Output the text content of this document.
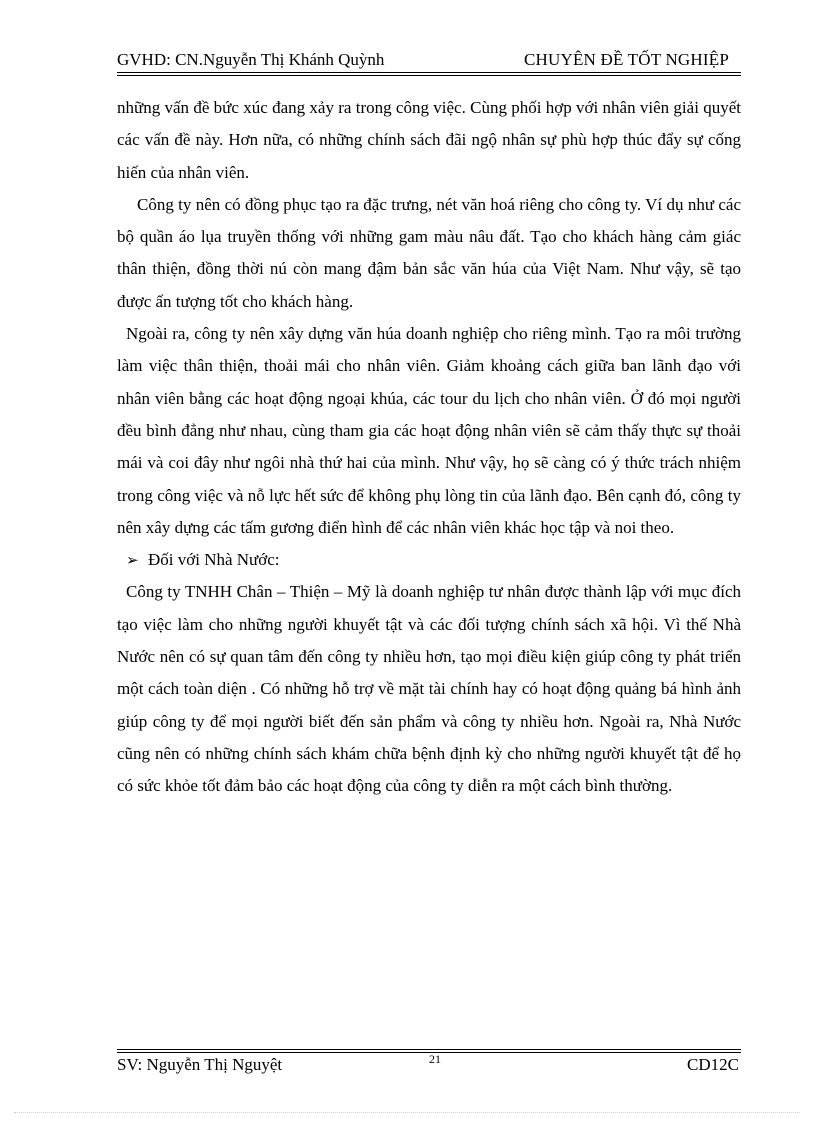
GVHD: CN.Nguyễn Thị Khánh Quỳnh	CHUYÊN ĐỀ TỐT NGHIỆP

những vấn đề bức xúc đang xảy ra trong công việc. Cùng phối hợp với nhân viên giải quyết các vấn đề này. Hơn nữa, có những chính sách đãi ngộ nhân sự phù hợp thúc đẩy sự cống hiến của nhân viên.

Công ty nên có đồng phục tạo ra đặc trưng, nét văn hoá riêng cho công ty. Ví dụ như các bộ quần áo lụa truyền thống với những gam màu nâu đất. Tạo cho khách hàng cảm giác thân thiện, đồng thời nú còn mang đậm bản sắc văn húa của Việt Nam. Như vậy, sẽ tạo được ấn tượng tốt cho khách hàng.

Ngoài ra, công ty nên xây dựng văn húa doanh nghiệp cho riêng mình. Tạo ra môi trường làm việc thân thiện, thoải mái cho nhân viên. Giảm khoảng cách giữa ban lãnh đạo với nhân viên bằng các hoạt động ngoại khúa, các tour du lịch cho nhân viên. Ở đó mọi người đều bình đẳng như nhau, cùng tham gia các hoạt động nhân viên sẽ cảm thấy thực sự thoải mái và coi đây như ngôi nhà thứ hai của mình. Như vậy, họ sẽ càng có ý thức trách nhiệm trong công việc và nỗ lực hết sức để không phụ lòng tin của lãnh đạo. Bên cạnh đó, công ty nên xây dựng các tấm gương điển hình để các nhân viên khác học tập và noi theo.

➢ Đối với Nhà Nước:

Công ty TNHH Chân – Thiện – Mỹ là doanh nghiệp tư nhân được thành lập với mục đích tạo việc làm cho những người khuyết tật và các đối tượng chính sách xã hội. Vì thế Nhà Nước nên có sự quan tâm đến công ty nhiều hơn, tạo mọi điều kiện giúp công ty phát triển một cách toàn diện . Có những hỗ trợ về mặt tài chính hay có hoạt động quảng bá hình ảnh giúp công ty để mọi người biết đến sản phẩm và công ty nhiều hơn. Ngoài ra, Nhà Nước cũng nên có những chính sách khám chữa bệnh định kỳ cho những người khuyết tật để họ có sức khỏe tốt đảm bảo các hoạt động của công ty diễn ra một cách bình thường.

SV: Nguyễn Thị Nguyệt	21	CD12C
